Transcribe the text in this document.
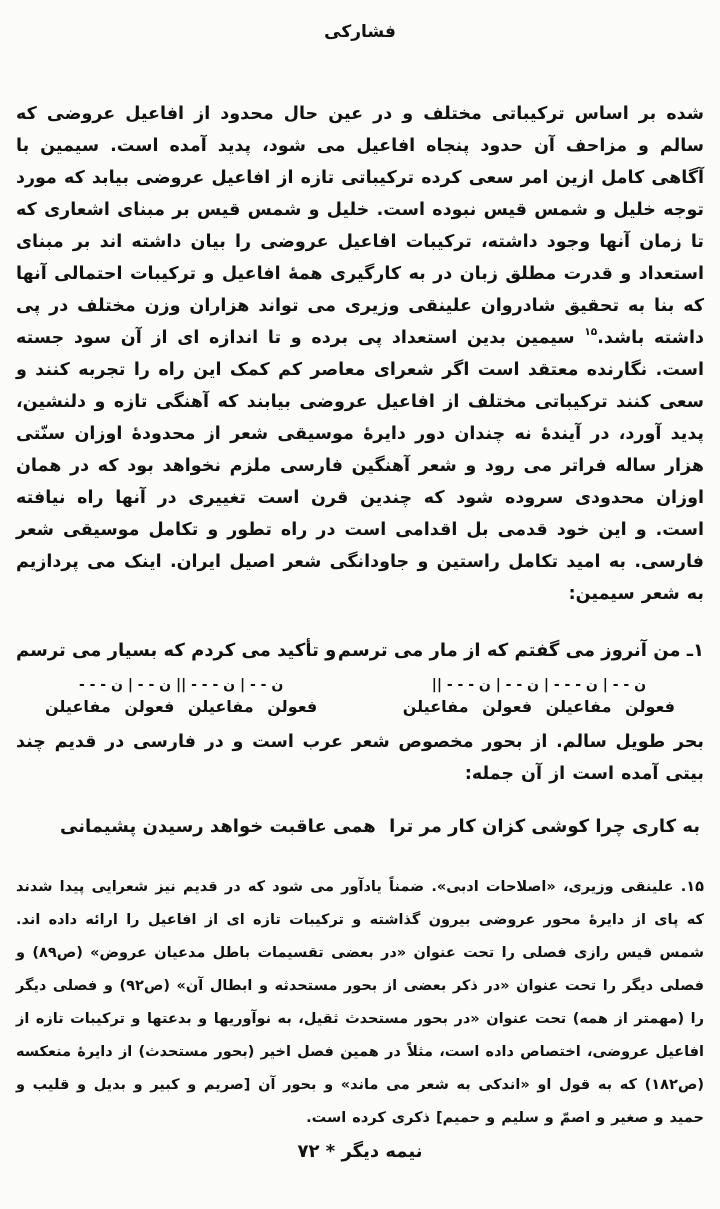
فشارکی

شده بر اساس ترکیباتی مختلف و در عین حال محدود از افاعیل عروضی که سالم و مزاحف آن حدود پنجاه افاعیل می شود، پدید آمده است. سیمین با آگاهی کامل ازین امر سعی کرده ترکیباتی تازه از افاعیل عروضی بیابد که مورد توجه خلیل و شمس قیس نبوده است. خلیل و شمس قیس بر مبنای اشعاری که تا زمان آنها وجود داشته، ترکیبات افاعیل عروضی را بیان داشته اند بر مبنای استعداد و قدرت مطلق زبان در به کارگیری همهٔ افاعیل و ترکیبات احتمالی آنها که بنا به تحقیق شادروان علینقی وزیری می تواند هزاران وزن مختلف در پی داشته باشد.$^{۱۵}$ سیمین بدین استعداد پی برده و تا اندازه ای از آن سود جسته است. نگارنده معتقد است اگر شعرای معاصر کم کمک این راه را تجربه کنند و سعی کنند ترکیباتی مختلف از افاعیل عروضی بیابند که آهنگی تازه و دلنشین، پدید آورد، در آیندهٔ نه چندان دور دایرهٔ موسیقی شعر از محدودهٔ اوزان سنّتی هزار ساله فراتر می رود و شعر آهنگین فارسی ملزم نخواهد بود که در همان اوزان محدودی سروده شود که چندین قرن است تغییری در آنها راه نیافته است. و این خود قدمی بل اقدامی است در راه تطور و تکامل موسیقی شعر فارسی. به امید تکامل راستین و جاودانگی شعر اصیل ایران. اینک می پردازیم به شعر سیمین:

۱ـ من آنروز می گفتم که از مار می ترسم
و تأکید می کردم که بسیار می ترسم
ن - - | ن - - - | ن - - | ن - - - ||
ن - - | ن - - - || ن - - | ن - - -
فعولن مفاعیلن فعولن مفاعیلن
فعولن مفاعیلن فعولن مفاعیلن

بحر طویل سالم. از بحور مخصوص شعر عرب است و در فارسی در قدیم چند بیتی آمده است از آن جمله:

به کاری چرا کوشی کزان کار مر ترا
همی عاقبت خواهد رسیدن پشیمانی

۱۵. علینقی وزیری، «اصلاحات ادبی». ضمناً یادآور می شود که در قدیم نیز شعرایی پیدا شدند که پای از دایرهٔ محور عروضی بیرون گذاشته و ترکیبات تازه ای از افاعیل را ارائه داده اند. شمس قیس رازی فصلی را تحت عنوان «در بعضی تقسیمات باطل مدعیان عروض» (ص۸۹) و فصلی دیگر را تحت عنوان «در ذکر بعضی از بحور مستحدثه و ابطال آن» (ص۹۲) و فصلی دیگر را (مهمتر از همه) تحت عنوان «در بحور مستحدث ثقیل، به نوآوریها و بدعتها و ترکیبات تازه از افاعیل عروضی، اختصاص داده است، مثلاً در همین فصل اخیر (بحور مستحدث) از دایرهٔ منعکسه (ص۱۸۲) که به قول او «اندکی به شعر می ماند» و بحور آن [صریم و کبیر و بدیل و قلیب و حمید و صغیر و اصمّ و سلیم و حمیم] ذکری کرده است.

نیمه دیگر * ۷۲
